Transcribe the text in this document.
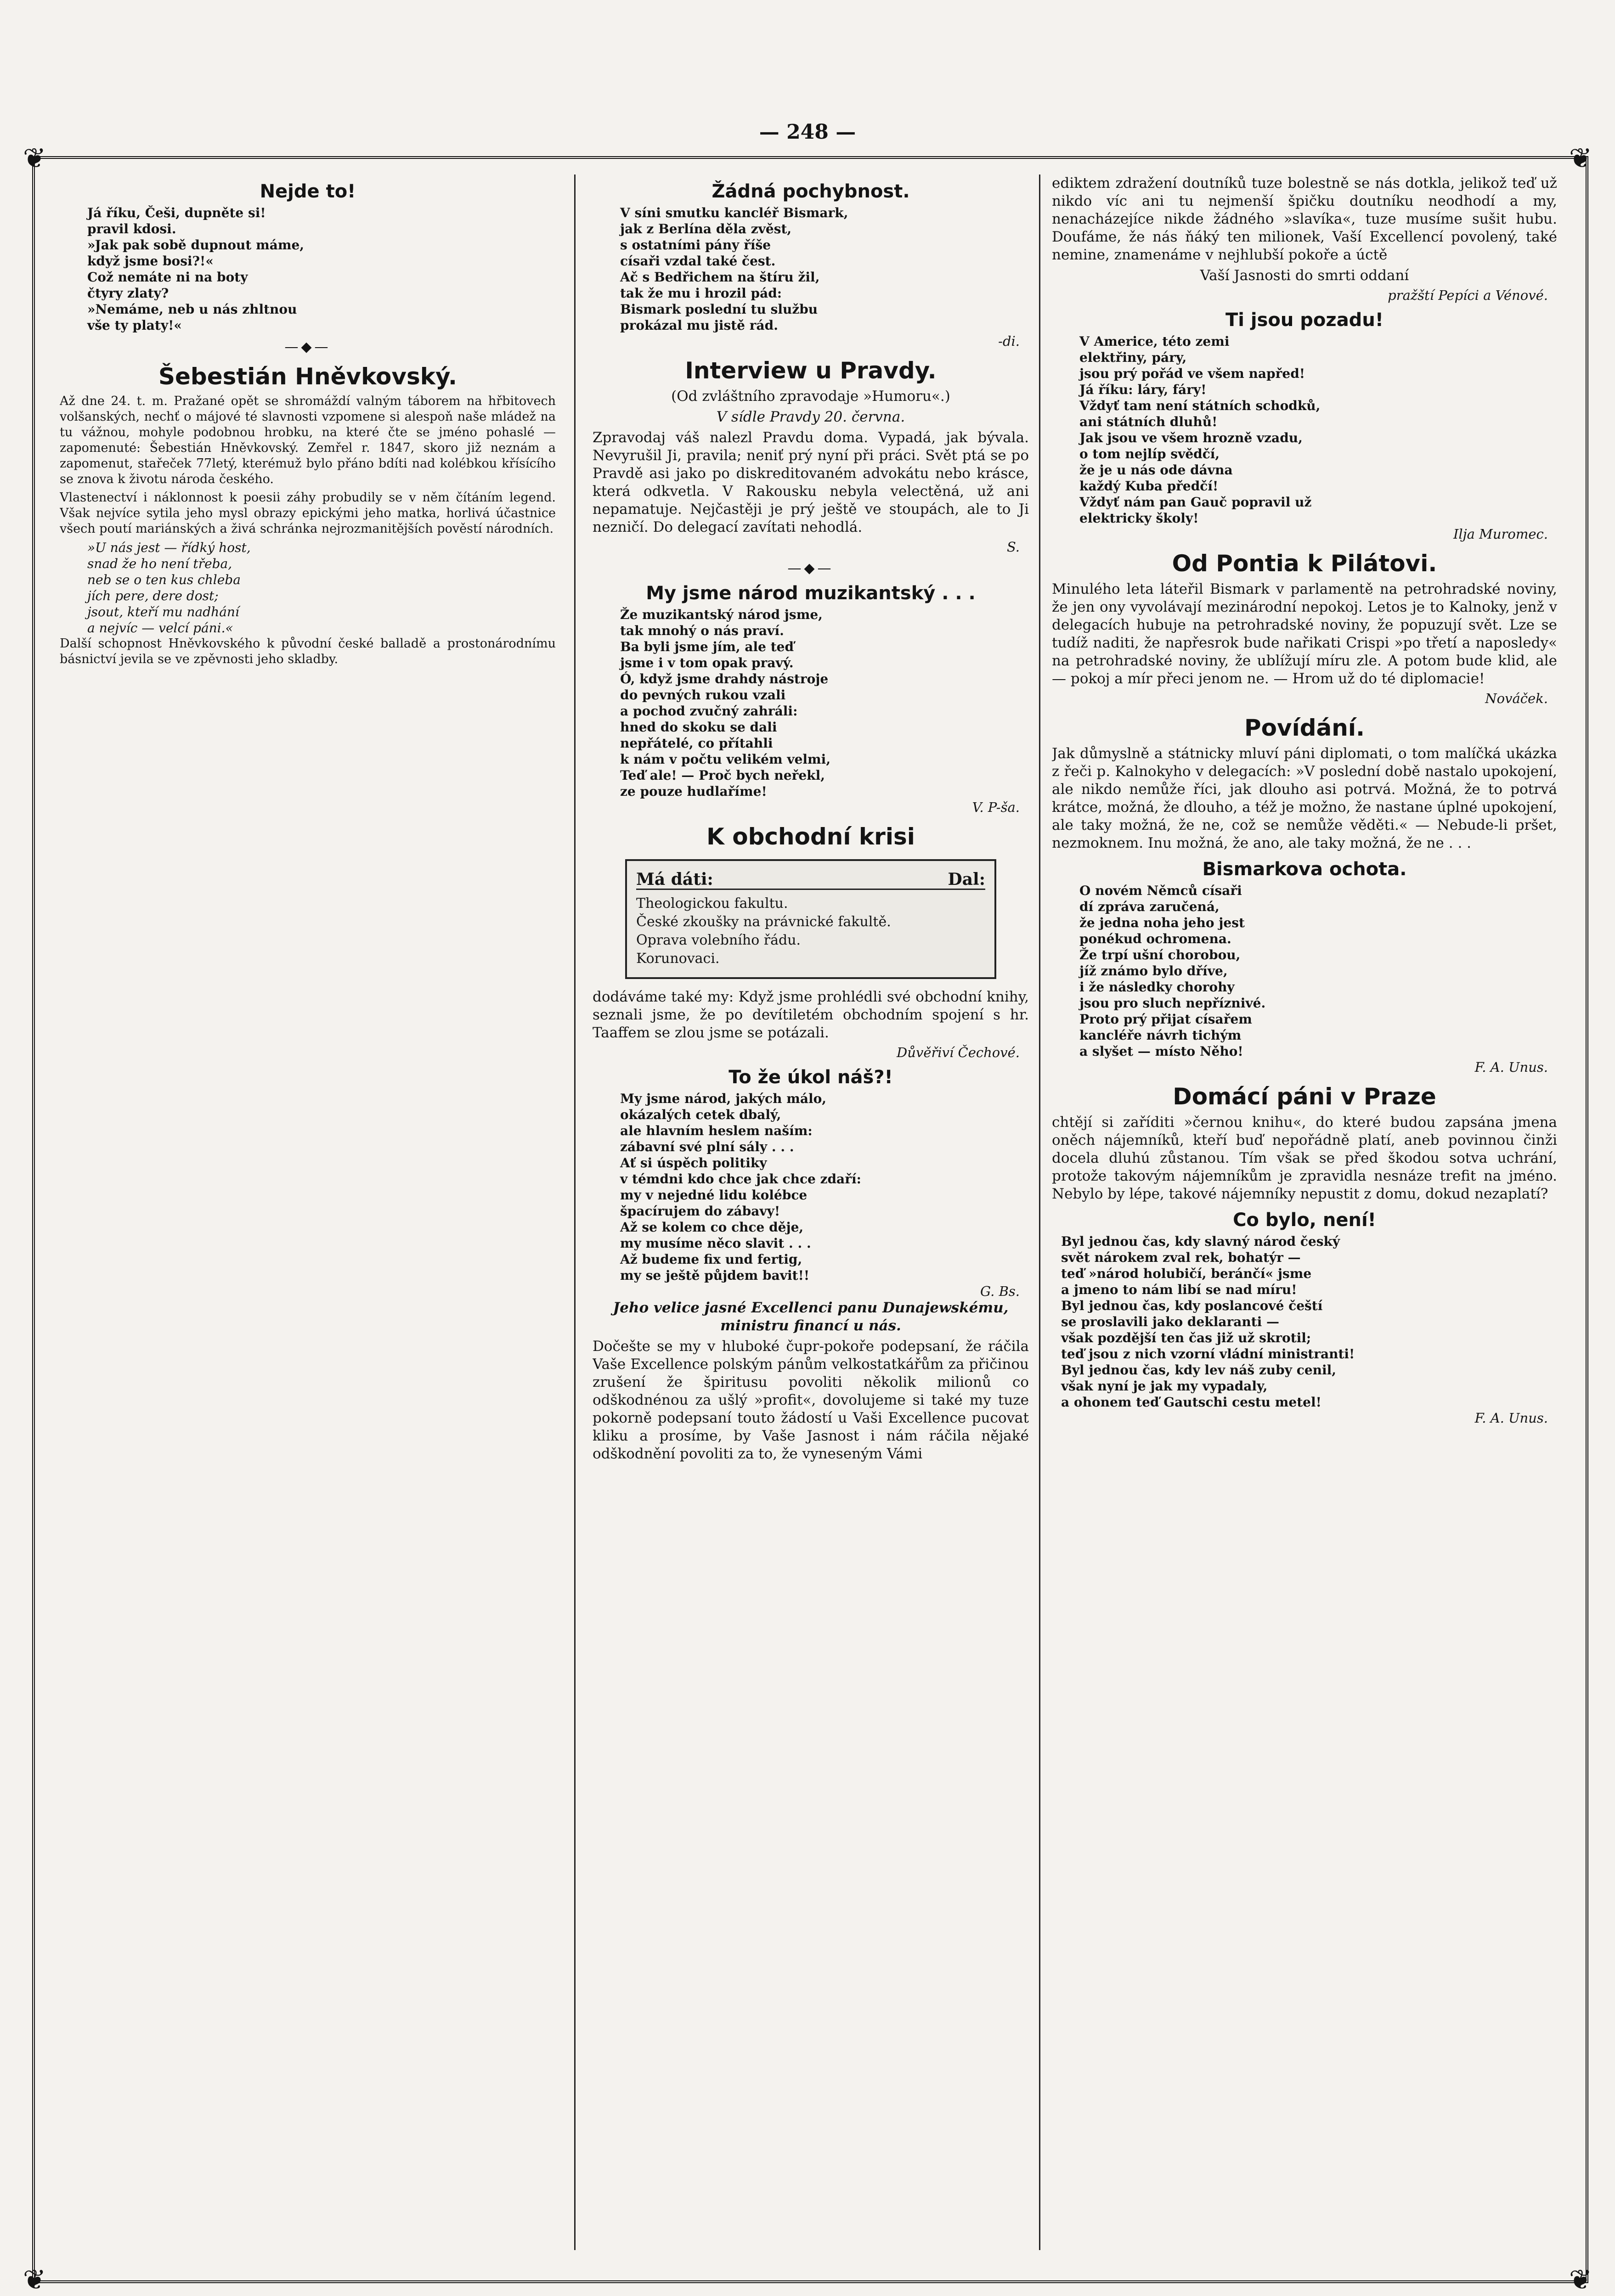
— 248 —
❦	❦
❦	❦
Nejde to!
Já říku, Češi, dupněte si!
pravil kdosi.
»Jak pak sobě dupnout máme,
když jsme bosi?!«
Což nemáte ni na boty
čtyry zlaty?
»Nemáme, neb u nás zhltnou
vše ty platy!«
—◆—
Šebestián Hněvkovský.

Až dne 24. t. m. Pražané opět se shromáždí valným táborem na hřbitovech volšanských, nechť o májové té slavnosti vzpomene si alespoň naše mládež na tu vážnou, mohyle podobnou hrobku, na které čte se jméno pohaslé — zapomenuté: Šebestián Hněvkovský. Zemřel r. 1847, skoro již neznám a zapomenut, stařeček 77letý, kterémuž bylo přáno bdíti nad kolébkou křísícího se znova k životu národa českého.

Vlastenectví i náklonnost k poesii záhy probudily se v něm čítáním legend. Však nejvíce sytila jeho mysl obrazy epickými jeho matka, horlivá účastnice všech poutí mariánských a živá schránka nejrozmanitějších pověstí národních.

»U nás jest — řídký host,
snad že ho není třeba,
neb se o ten kus chleba
jích pere, dere dost;
jsout, kteří mu nadhání
a nejvíc — velcí páni.«

Další schopnost Hněvkovského k původní české balladě a prostonárodnímu básnictví jevila se ve zpěvnosti jeho skladby.

Žádná pochybnost.
V síni smutku kancléř Bismark,
jak z Berlína děla zvěst,
s ostatními pány říše
císaři vzdal také čest.
Ač s Bedřichem na štíru žil,
tak že mu i hrozil pád:
Bismark poslední tu službu
prokázal mu jistě rád.
-di.
Interview u Pravdy.

(Od zvláštního zpravodaje »Humoru«.)

V sídle Pravdy 20. června.

Zpravodaj váš nalezl Pravdu doma. Vypadá, jak bývala. Nevyrušil Ji, pravila; neniť prý nyní při práci. Svět ptá se po Pravdě asi jako po diskreditovaném advokátu nebo krásce, která odkvetla. V Rakousku nebyla velectěná, už ani nepamatuje. Nejčastěji je prý ještě ve stoupách, ale to Ji nezničí. Do delegací zavítati nehodlá.

S.
—◆—
My jsme národ muzikantský . . .
Že muzikantský národ jsme,
tak mnohý o nás praví.
Ba byli jsme jím, ale teď
jsme i v tom opak pravý.
Ó, když jsme drahdy nástroje
do pevných rukou vzali
a pochod zvučný zahráli:
hned do skoku se dali
nepřátelé, co přítahli
k nám v počtu velikém velmi,
Teď ale! — Proč bych neřekl,
ze pouze hudlaříme!
V. P-ša.
K obchodní krisi
Má dáti:	Dal:
Theologickou fakultu.
České zkoušky na právnické fakultě.
Oprava volebního řádu.
Korunovaci.

dodáváme také my: Když jsme prohlédli své obchodní knihy, seznali jsme, že po devítiletém obchodním spojení s hr. Taaffem se zlou jsme se potázali.

Důvěřiví Čechové.
To že úkol náš?!
My jsme národ, jakých málo,
okázalých cetek dbalý,
ale hlavním heslem naším:
zábavní své plní sály . . .
Ať si úspěch politiky
v témdni kdo chce jak chce zdaří:
my v nejedné lidu kolébce
špacírujem do zábavy!
Až se kolem co chce děje,
my musíme něco slavit . . .
Až budeme fix und fertig,
my se ještě půjdem bavit!!
G. Bs.

Jeho velice jasné Excellenci panu Dunajewskému, ministru financí u nás.

Dočešte se my v hluboké čupr-pokoře podepsaní, že ráčila Vaše Excellence polským pánům velkostatkářům za přičinou zrušení že špiritusu povoliti několik milionů co odškodnénou za ušlý »profit«, dovolujeme si také my tuze pokorně podepsaní touto žádostí u Vaši Excellence pucovat kliku a prosíme, by Vaše Jasnost i nám ráčila nějaké odškodnění povoliti za to, že vyneseným Vámi

ediktem zdražení doutníků tuze bolestně se nás dotkla, jelikož teď už nikdo víc ani tu nejmenší špičku doutníku neodhodí a my, nenacházejíce nikde žádného »slavíka«, tuze musíme sušit hubu. Doufáme, že nás ňáký ten milionek, Vaší Excellencí povolený, také nemine, znamenáme v nejhlubší pokoře a úctě

Vaší Jasnosti do smrti oddaní

pražští Pepíci a Vénové.
Ti jsou pozadu!
V Americe, této zemi
elektřiny, páry,
jsou prý pořád ve všem napřed!
Já říku: láry, fáry!
Vždyť tam není státních schodků,
ani státních dluhů!
Jak jsou ve všem hrozně vzadu,
o tom nejlíp svědčí,
že je u nás ode dávna
každý Kuba předčí!
Vždyť nám pan Gauč popravil už
elektricky školy!
Ilja Muromec.
Od Pontia k Pilátovi.

Minulého leta láteřil Bismark v parlamentě na petrohradské noviny, že jen ony vyvolávají mezinárodní nepokoj. Letos je to Kalnoky, jenž v delegacích hubuje na petrohradské noviny, že popuzují svět. Lze se tudíž naditi, že napřesrok bude nařikati Crispi »po třetí a naposledy« na petrohradské noviny, že ublížují míru zle. A potom bude klid, ale — pokoj a mír přeci jenom ne. — Hrom už do té diplomacie!

Nováček.
Povídání.

Jak důmyslně a státnicky mluví páni diplomati, o tom malíčká ukázka z řeči p. Kalnokyho v delegacích: »V poslední době nastalo upokojení, ale nikdo nemůže říci, jak dlouho asi potrvá. Možná, že to potrvá krátce, možná, že dlouho, a též je možno, že nastane úplné upokojení, ale taky možná, že ne, což se nemůže věděti.« — Nebude-li pršet, nezmoknem. Inu možná, že ano, ale taky možná, že ne . . .

Bismarkova ochota.
O novém Němců císaři
dí zpráva zaručená,
že jedna noha jeho jest
ponékud ochromena.
Že trpí ušní chorobou,
jíž známo bylo dříve,
i že následky chorohy
jsou pro sluch nepříznivé.
Proto prý přijat císařem
kancléře návrh tichým
a slyšet — místo Něho!
F. A. Unus.
Domácí páni v Praze

chtějí si zaříditi »černou knihu«, do které budou zapsána jmena oněch nájemníků, kteří buď nepořádně platí, aneb povinnou činži docela dluhú zůstanou. Tím však se před škodou sotva uchrání, protože takovým nájemníkům je zpravidla nesnáze trefit na jméno. Nebylo by lépe, takové nájemníky nepustit z domu, dokud nezaplatí?

Co bylo, není!
Byl jednou čas, kdy slavný národ český
svět nárokem zval rek, bohatýr —
teď »národ holubičí, beránčí« jsme
a jmeno to nám libí se nad míru!
Byl jednou čas, kdy poslancové čeští
se proslavili jako deklaranti —
však pozdější ten čas již už skrotil;
teď jsou z nich vzorní vládní ministranti!
Byl jednou čas, kdy lev náš zuby cenil,
však nyní je jak my vypadaly,
a ohonem teď Gautschi cestu metel!
F. A. Unus.
